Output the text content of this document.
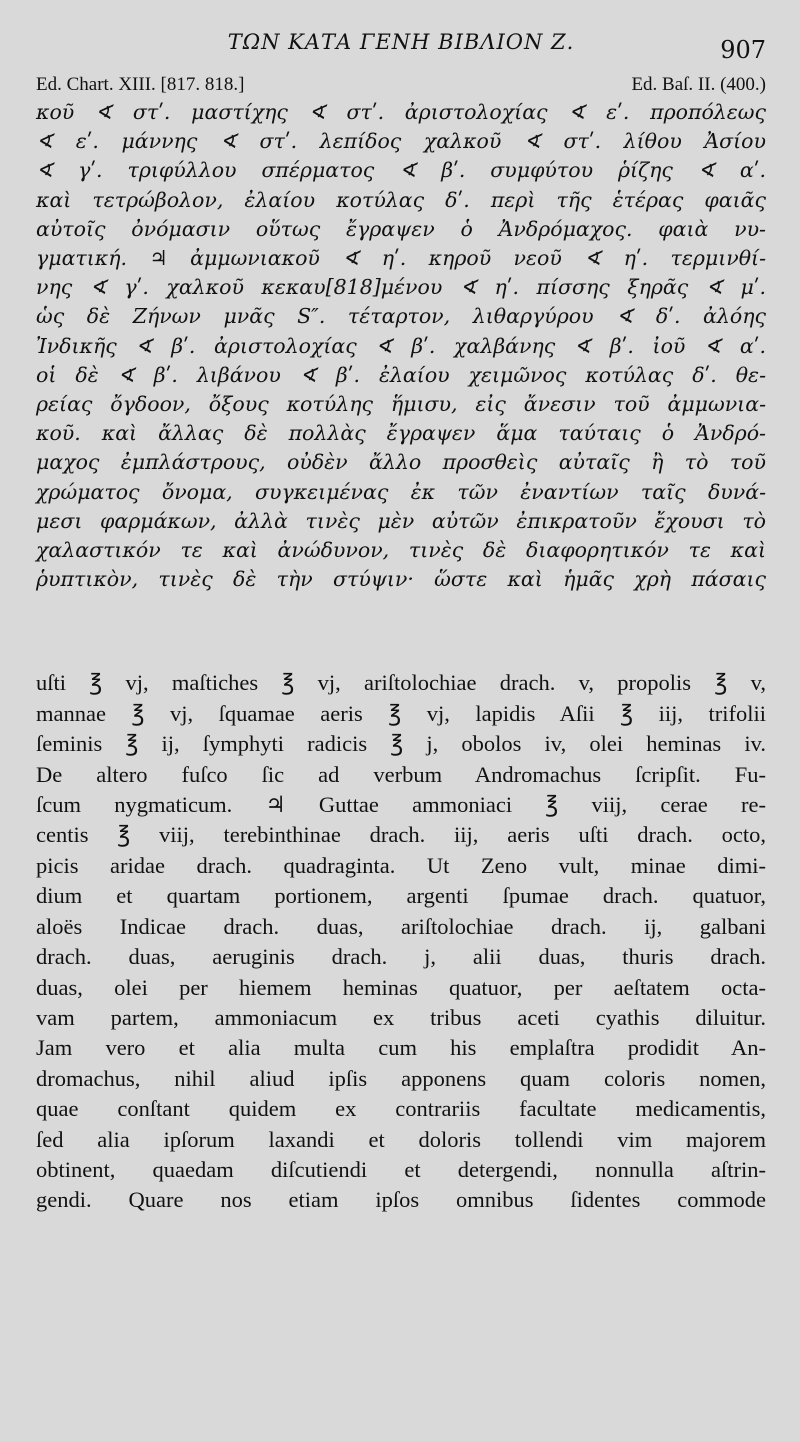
ΤΩΝ ΚΑΤΑ ΓΕΝΗ ΒΙΒΛΙΟΝ Ζ.	907
Ed. Chart. XIII. [817. 818.]	Ed. Baſ. II. (400.)
κοῦ ∢ στʹ. μαστίχης ∢ στʹ. ἀριστολοχίας ∢ εʹ. προπόλεως
∢ εʹ. μάννης ∢ στʹ. λεπίδος χαλκοῦ ∢ στʹ. λίθου Ἀσίου
∢ γʹ. τριφύλλου σπέρματος ∢ βʹ. συμφύτου ῥίζης ∢ αʹ.
καὶ τετρώβολον, ἐλαίου κοτύλας δʹ. περὶ τῆς ἑτέρας φαιᾶς
αὐτοῖς ὀνόμασιν οὕτως ἔγραψεν ὁ Ἀνδρόμαχος. φαιὰ νυ-
γματική. ♃ ἀμμωνιακοῦ ∢ ηʹ. κηροῦ νεοῦ ∢ ηʹ. τερμινθί-
νης ∢ γʹ. χαλκοῦ κεκαυ[818]μένου ∢ ηʹ. πίσσης ξηρᾶς ∢ μʹ.
ὡς δὲ Ζήνων μνᾶς S″. τέταρτον, λιθαργύρου ∢ δʹ. ἀλόης
Ἰνδικῆς ∢ βʹ. ἀριστολοχίας ∢ βʹ. χαλβάνης ∢ βʹ. ἰοῦ ∢ αʹ.
οἱ δὲ ∢ βʹ. λιβάνου ∢ βʹ. ἐλαίου χειμῶνος κοτύλας δʹ. θε-
ρείας ὄγδοον, ὄξους κοτύλης ἥμισυ, εἰς ἄνεσιν τοῦ ἀμμωνια-
κοῦ. καὶ ἄλλας δὲ πολλὰς ἔγραψεν ἅμα ταύταις ὁ Ἀνδρό-
μαχος ἐμπλάστρους, οὐδὲν ἄλλο προσθεὶς αὐταῖς ἢ τὸ τοῦ
χρώματος ὄνομα, συγκειμένας ἐκ τῶν ἐναντίων ταῖς δυνά-
μεσι φαρμάκων, ἀλλὰ τινὲς μὲν αὐτῶν ἐπικρατοῦν ἔχουσι τὸ
χαλαστικόν τε καὶ ἀνώδυνον, τινὲς δὲ διαφορητικόν τε καὶ
ῥυπτικὸν, τινὲς δὲ τὴν στύψιν· ὥστε καὶ ἡμᾶς χρὴ πάσαις
uſti ℥ vj, maſtiches ℥ vj, ariſtolochiae drach. v, propolis ℥ v,
mannae ℥ vj, ſquamae aeris ℥ vj, lapidis Aſii ℥ iij, trifolii
ſeminis ℥ ij, ſymphyti radicis ℥ j, obolos iv, olei heminas iv.
De altero fuſco ſic ad verbum Andromachus ſcripſit. Fu-
ſcum nygmaticum. ♃ Guttae ammoniaci ℥ viij, cerae re-
centis ℥ viij, terebinthinae drach. iij, aeris uſti drach. octo,
picis aridae drach. quadraginta. Ut Zeno vult, minae dimi-
dium et quartam portionem, argenti ſpumae drach. quatuor,
aloës Indicae drach. duas, ariſtolochiae drach. ij, galbani
drach. duas, aeruginis drach. j, alii duas, thuris drach.
duas, olei per hiemem heminas quatuor, per aeſtatem octa-
vam partem, ammoniacum ex tribus aceti cyathis diluitur.
Jam vero et alia multa cum his emplaſtra prodidit An-
dromachus, nihil aliud ipſis apponens quam coloris nomen,
quae conſtant quidem ex contrariis facultate medicamentis,
ſed alia ipſorum laxandi et doloris tollendi vim majorem
obtinent, quaedam diſcutiendi et detergendi, nonnulla aſtrin-
gendi. Quare nos etiam ipſos omnibus ſidentes commode
